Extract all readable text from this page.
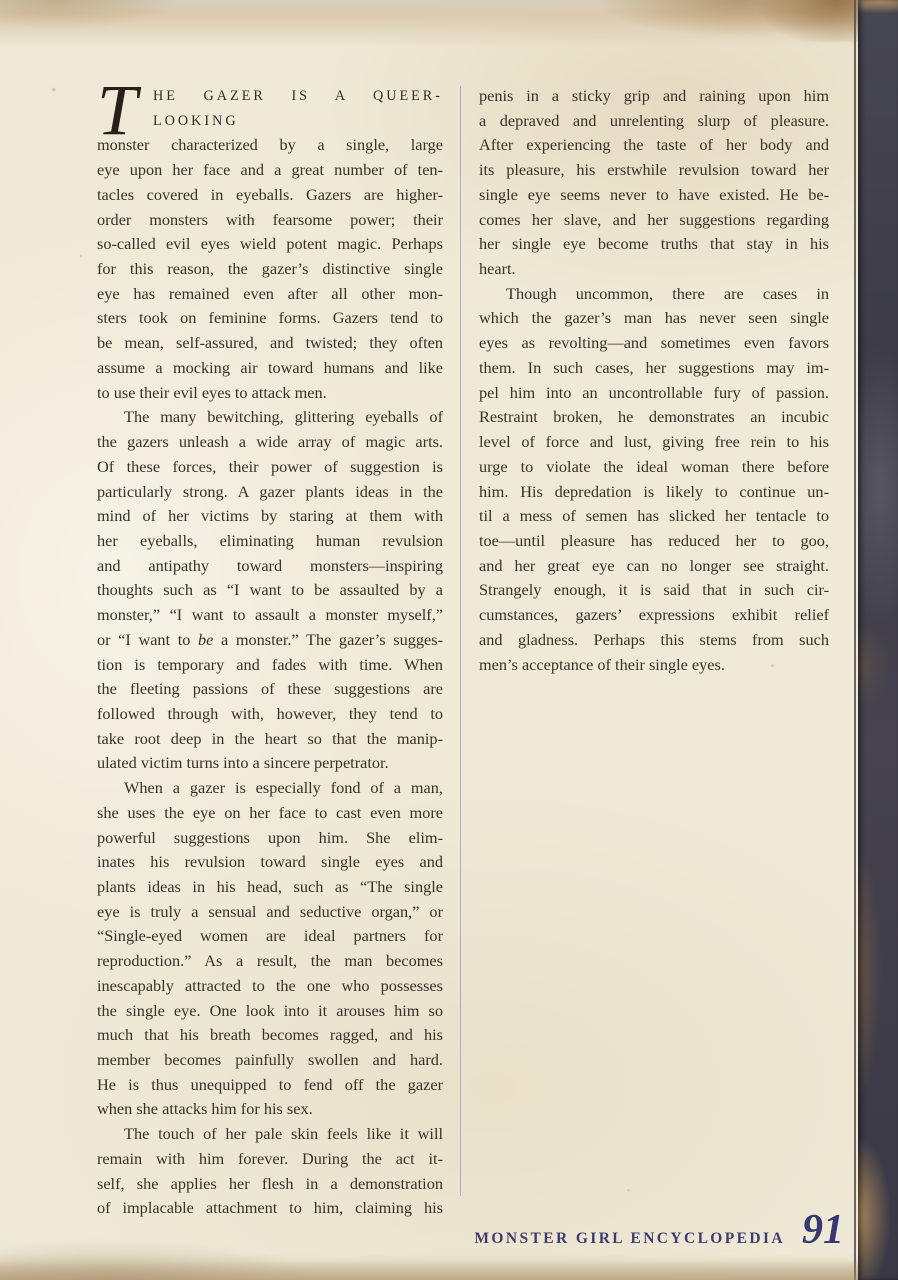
T	HE GAZER IS A QUEER-LOOKING
monster characterized by a single, large
eye upon her face and a great number of ten-
tacles covered in eyeballs. Gazers are higher-
order monsters with fearsome power; their
so-called evil eyes wield potent magic. Perhaps
for this reason, the gazer’s distinctive single
eye has remained even after all other mon-
sters took on feminine forms. Gazers tend to
be mean, self-assured, and twisted; they often
assume a mocking air toward humans and like
to use their evil eyes to attack men.
The many bewitching, glittering eyeballs of
the gazers unleash a wide array of magic arts.
Of these forces, their power of suggestion is
particularly strong. A gazer plants ideas in the
mind of her victims by staring at them with
her eyeballs, eliminating human revulsion
and antipathy toward monsters—inspiring
thoughts such as “I want to be assaulted by a
monster,” “I want to assault a monster myself,”
or “I want to be a monster.” The gazer’s sugges-
tion is temporary and fades with time. When
the fleeting passions of these suggestions are
followed through with, however, they tend to
take root deep in the heart so that the manip-
ulated victim turns into a sincere perpetrator.
When a gazer is especially fond of a man,
she uses the eye on her face to cast even more
powerful suggestions upon him. She elim-
inates his revulsion toward single eyes and
plants ideas in his head, such as “The single
eye is truly a sensual and seductive organ,” or
“Single-eyed women are ideal partners for
reproduction.” As a result, the man becomes
inescapably attracted to the one who possesses
the single eye. One look into it arouses him so
much that his breath becomes ragged, and his
member becomes painfully swollen and hard.
He is thus unequipped to fend off the gazer
when she attacks him for his sex.
The touch of her pale skin feels like it will
remain with him forever. During the act it-
self, she applies her flesh in a demonstration
of implacable attachment to him, claiming his
penis in a sticky grip and raining upon him
a depraved and unrelenting slurp of pleasure.
After experiencing the taste of her body and
its pleasure, his erstwhile revulsion toward her
single eye seems never to have existed. He be-
comes her slave, and her suggestions regarding
her single eye become truths that stay in his
heart.
Though uncommon, there are cases in
which the gazer’s man has never seen single
eyes as revolting—and sometimes even favors
them. In such cases, her suggestions may im-
pel him into an uncontrollable fury of passion.
Restraint broken, he demonstrates an incubic
level of force and lust, giving free rein to his
urge to violate the ideal woman there before
him. His depredation is likely to continue un-
til a mess of semen has slicked her tentacle to
toe—until pleasure has reduced her to goo,
and her great eye can no longer see straight.
Strangely enough, it is said that in such cir-
cumstances, gazers’ expressions exhibit relief
and gladness. Perhaps this stems from such
men’s acceptance of their single eyes.
MONSTER GIRL ENCYCLOPEDIA 91
